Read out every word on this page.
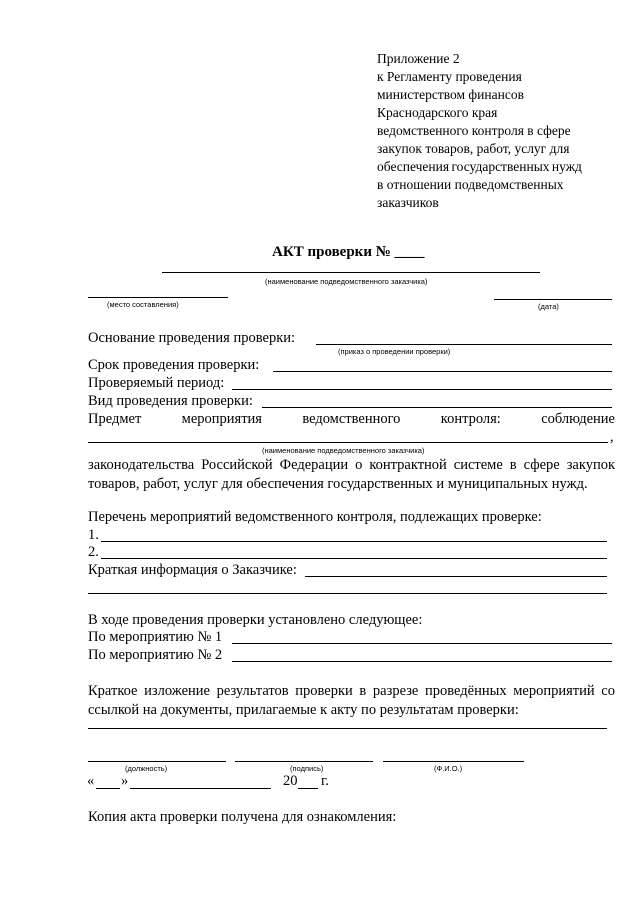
Приложение 2
к Регламенту проведения
министерством финансов
Краснодарского края
ведомственного контроля в сфере
закупок товаров, работ, услуг для
обеспечения государственных нужд
в отношении подведомственных
заказчиков
АКТ проверки № ____
(наименование подведомственного заказчика)
(место составления)	(дата)
Основание проведения проверки:
(приказ о проведении проверки)
Срок проведения проверки:
Проверяемый период:
Вид проведения проверки:
Предмет	мероприятия	ведомственного	контроля:	соблюдение
,
(наименование подведомственного заказчика)
законодательства Российской Федерации о контрактной системе в сфере закупок товаров, работ, услуг для обеспечения государственных и муниципальных нужд.
Перечень мероприятий ведомственного контроля, подлежащих проверке:
1.
2.
Краткая информация о Заказчике:
В ходе проведения проверки установлено следующее:
По мероприятию № 1
По мероприятию № 2
Краткое изложение результатов проверки в разрезе проведённых мероприятий со ссылкой на документы, прилагаемые к акту по результатам проверки:
(должность)	(подпись)	(Ф.И.О.)
« »	20 г.
Копия акта проверки получена для ознакомления:
